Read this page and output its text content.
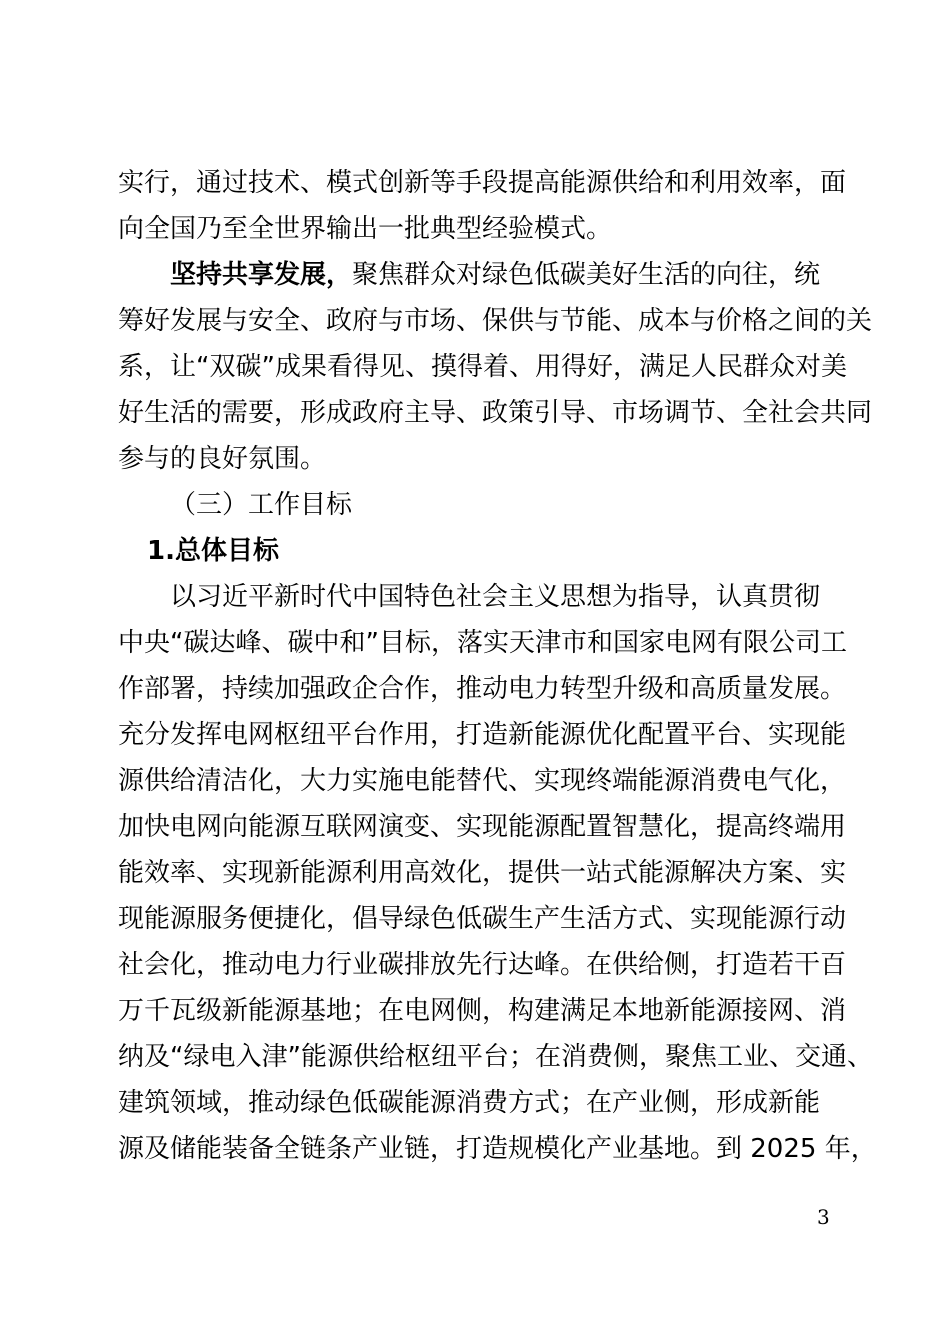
实行，通过技术、模式创新等手段提高能源供给和利用效率，面
向全国乃至全世界输出一批典型经验模式。
坚持共享发展，聚焦群众对绿色低碳美好生活的向往，统
筹好发展与安全、政府与市场、保供与节能、成本与价格之间的关
系，让“双碳”成果看得见、摸得着、用得好，满足人民群众对美
好生活的需要，形成政府主导、政策引导、市场调节、全社会共同
参与的良好氛围。
（三）工作目标
1.总体目标
以习近平新时代中国特色社会主义思想为指导，认真贯彻
中央“碳达峰、碳中和”目标，落实天津市和国家电网有限公司工
作部署，持续加强政企合作，推动电力转型升级和高质量发展。
充分发挥电网枢纽平台作用，打造新能源优化配置平台、实现能
源供给清洁化，大力实施电能替代、实现终端能源消费电气化，
加快电网向能源互联网演变、实现能源配置智慧化，提高终端用
能效率、实现新能源利用高效化，提供一站式能源解决方案、实
现能源服务便捷化，倡导绿色低碳生产生活方式、实现能源行动
社会化，推动电力行业碳排放先行达峰。在供给侧，打造若干百
万千瓦级新能源基地；在电网侧，构建满足本地新能源接网、消
纳及“绿电入津”能源供给枢纽平台；在消费侧，聚焦工业、交通、
建筑领域，推动绿色低碳能源消费方式；在产业侧，形成新能
源及储能装备全链条产业链，打造规模化产业基地。到 2025 年，
3
